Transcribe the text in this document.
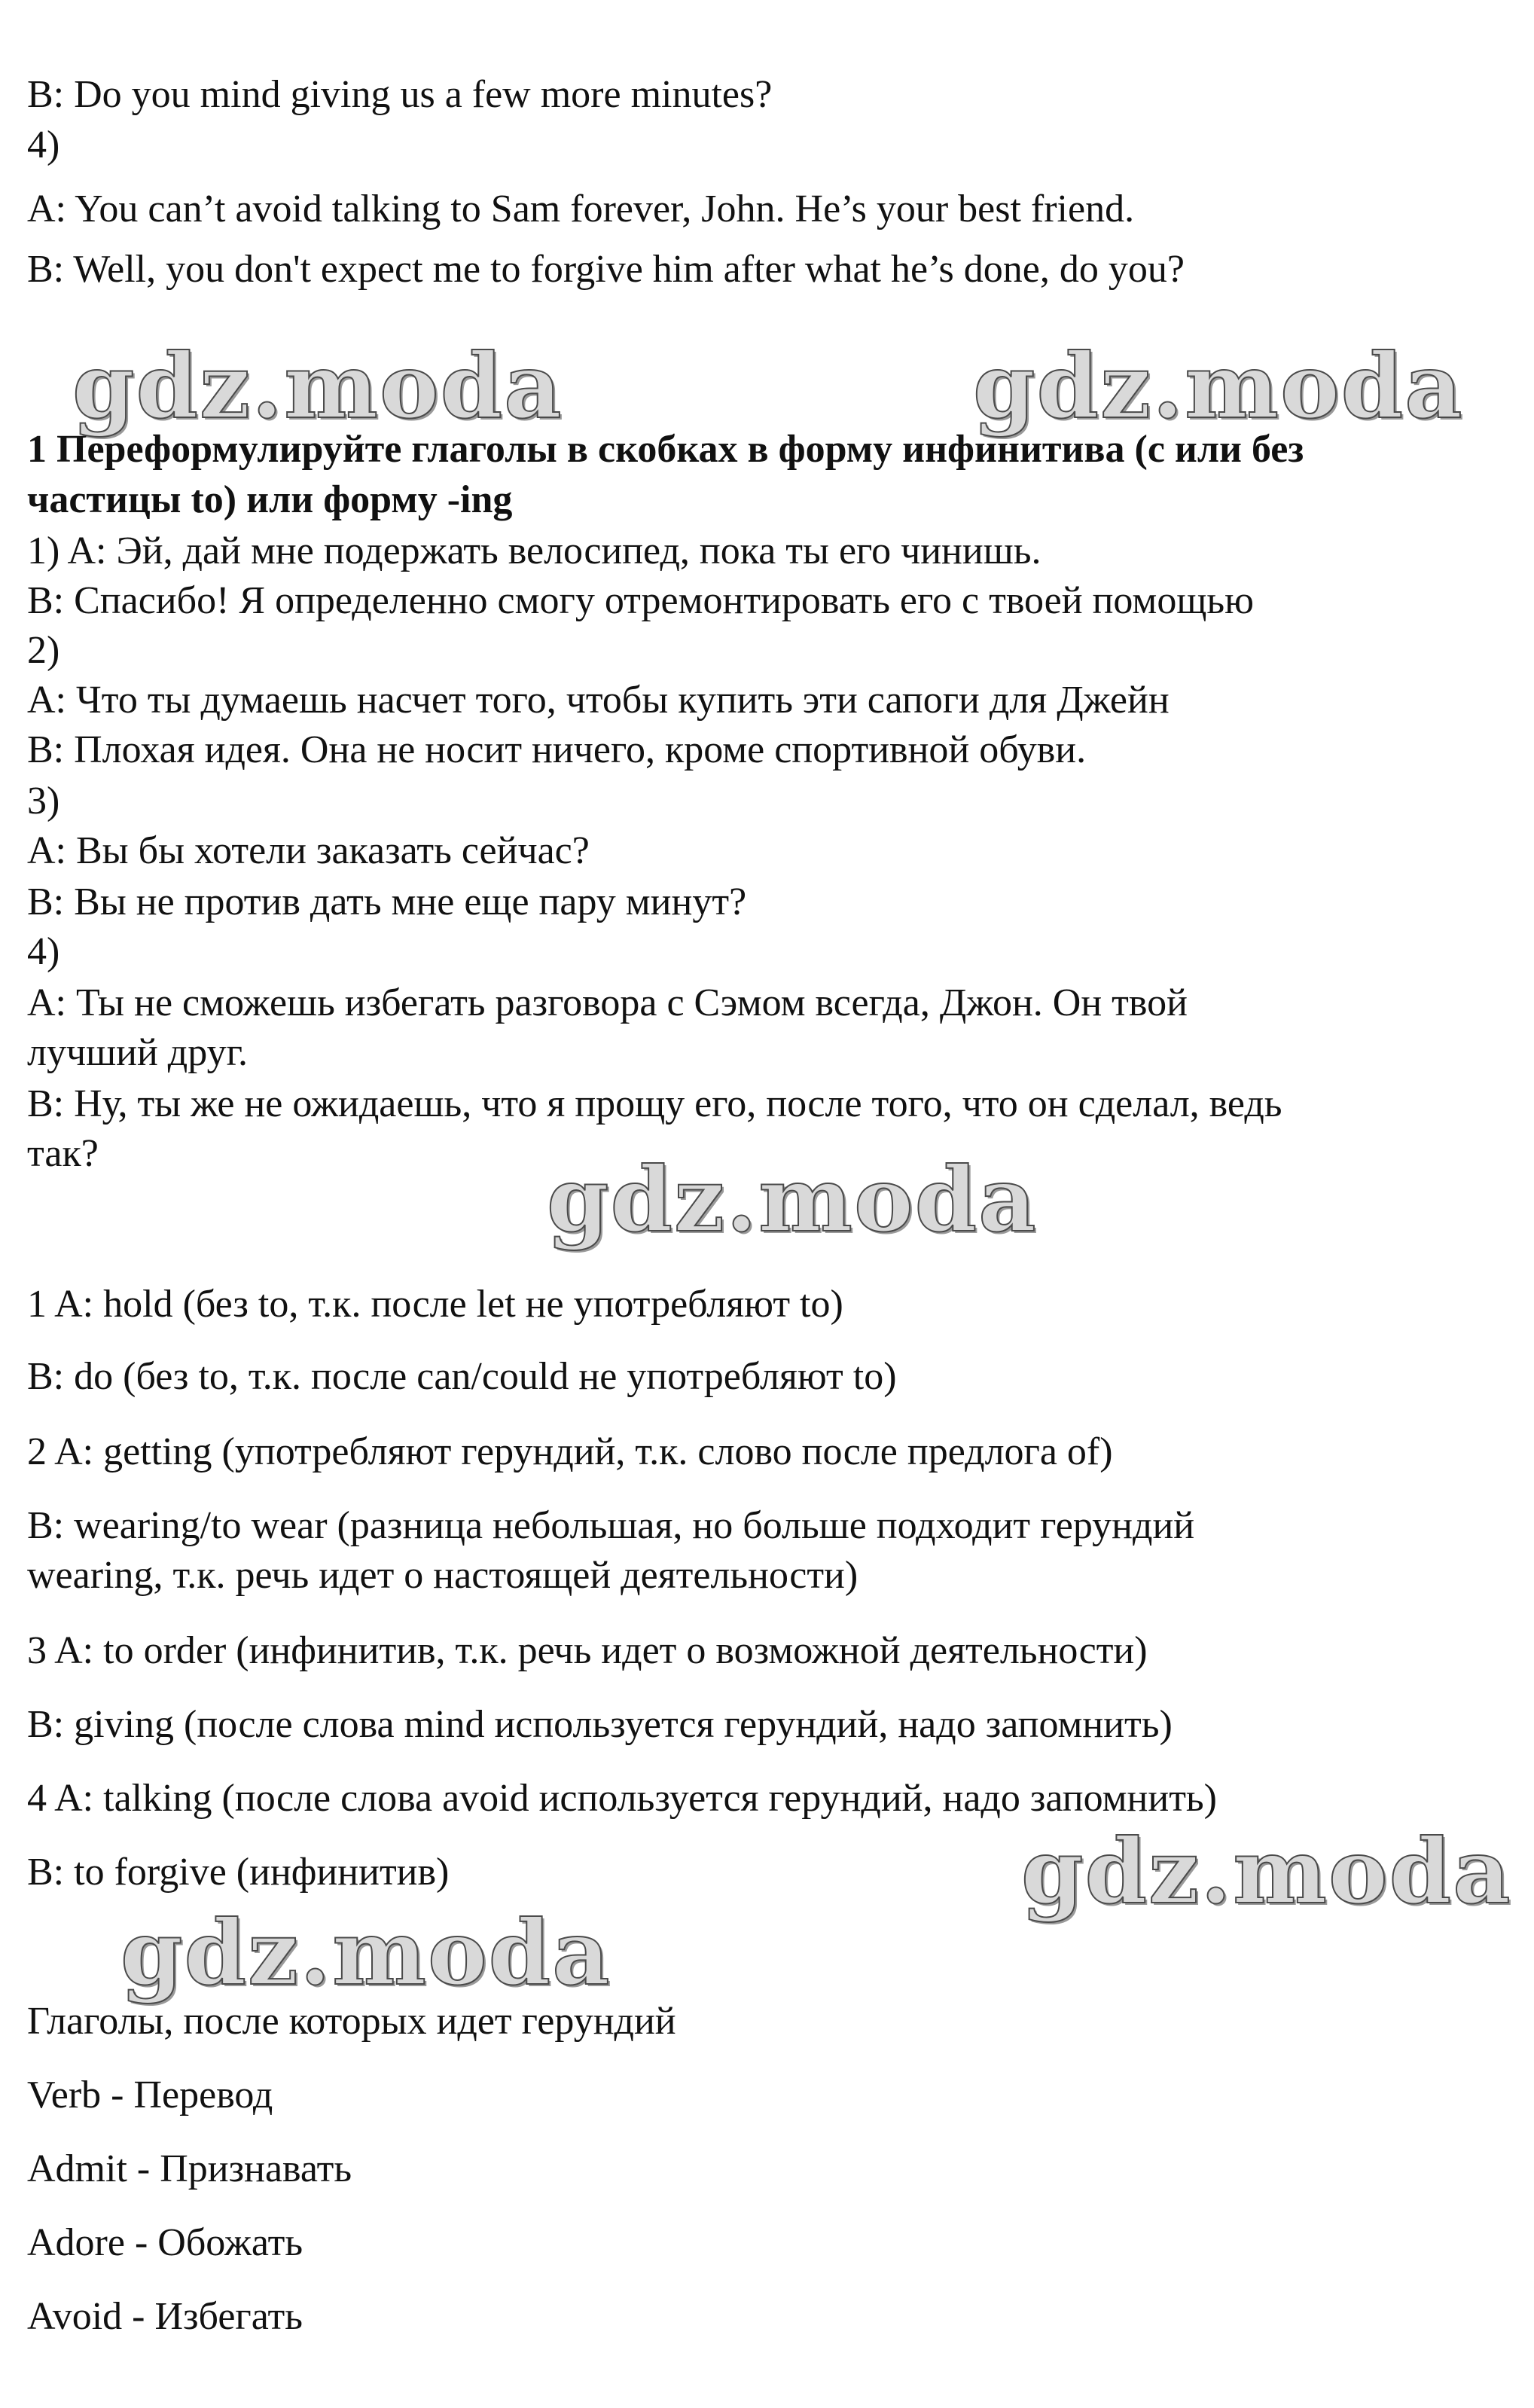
B: Do you mind giving us a few more minutes?
4)
A: You can’t avoid talking to Sam forever, John. He’s your best friend.
B: Well, you don't expect me to forgive him after what he’s done, do you?
gdz.moda	gdz.moda
1 Переформулируйте глаголы в скобках в форму инфинитива (с или без
частицы to) или форму -ing
1) A: Эй, дай мне подержать велосипед, пока ты его чинишь.
B: Спасибо! Я определенно смогу отремонтировать его с твоей помощью
2)
A: Что ты думаешь насчет того, чтобы купить эти сапоги для Джейн
B: Плохая идея. Она не носит ничего, кроме спортивной обуви.
3)
A: Вы бы хотели заказать сейчас?
B: Вы не против дать мне еще пару минут?
4)
A: Ты не сможешь избегать разговора с Сэмом всегда, Джон. Он твой
лучший друг.
B: Ну, ты же не ожидаешь, что я прощу его, после того, что он сделал, ведь
так?	gdz.moda
1 A: hold (без to, т.к. после let не употребляют to)
B: do (без to, т.к. после can/could не употребляют to)
2 A: getting (употребляют герундий, т.к. слово после предлога of)
B: wearing/to wear (разница небольшая, но больше подходит герундий
wearing, т.к. речь идет о настоящей деятельности)
3 A: to order (инфинитив, т.к. речь идет о возможной деятельности)
B: giving (после слова mind используется герундий, надо запомнить)
4 A: talking (после слова avoid используется герундий, надо запомнить)
B: to forgive (инфинитив)	gdz.moda
gdz.moda
Глаголы, после которых идет герундий
Verb - Перевод
Admit - Признавать
Adore - Обожать
Avoid - Избегать
